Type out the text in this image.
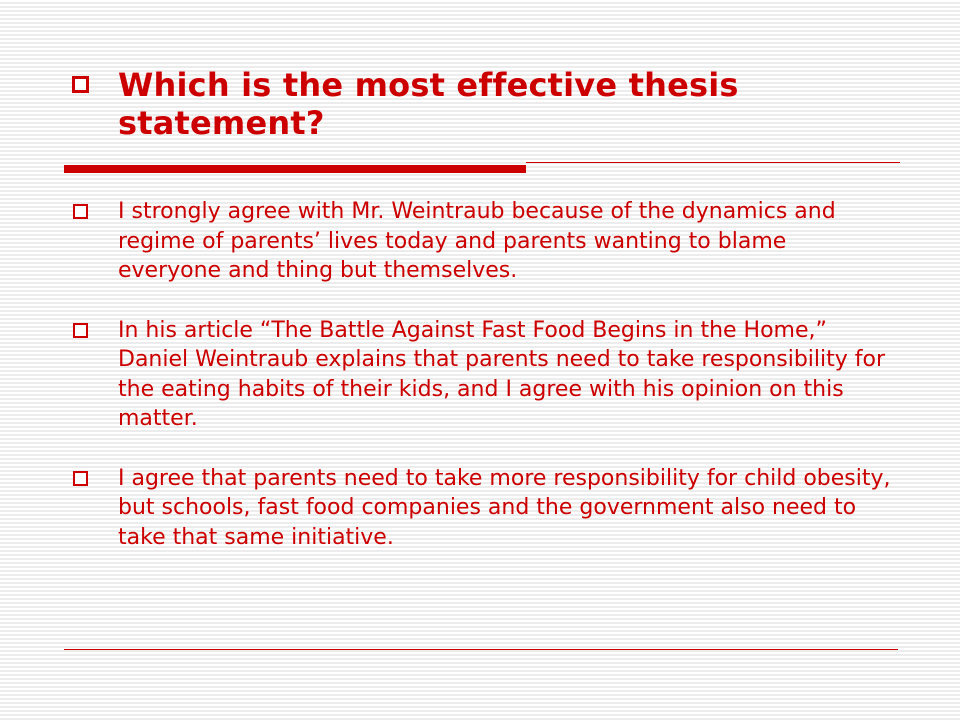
Which is the most effective thesis statement?
I strongly agree with Mr. Weintraub because of the dynamics and regime of parents’ lives today and parents wanting to blame everyone and thing but themselves.
In his article “The Battle Against Fast Food Begins in the Home,” Daniel Weintraub explains that parents need to take responsibility for the eating habits of their kids, and I agree with his opinion on this matter.
I agree that parents need to take more responsibility for child obesity, but schools, fast food companies and the government also need to take that same initiative.
